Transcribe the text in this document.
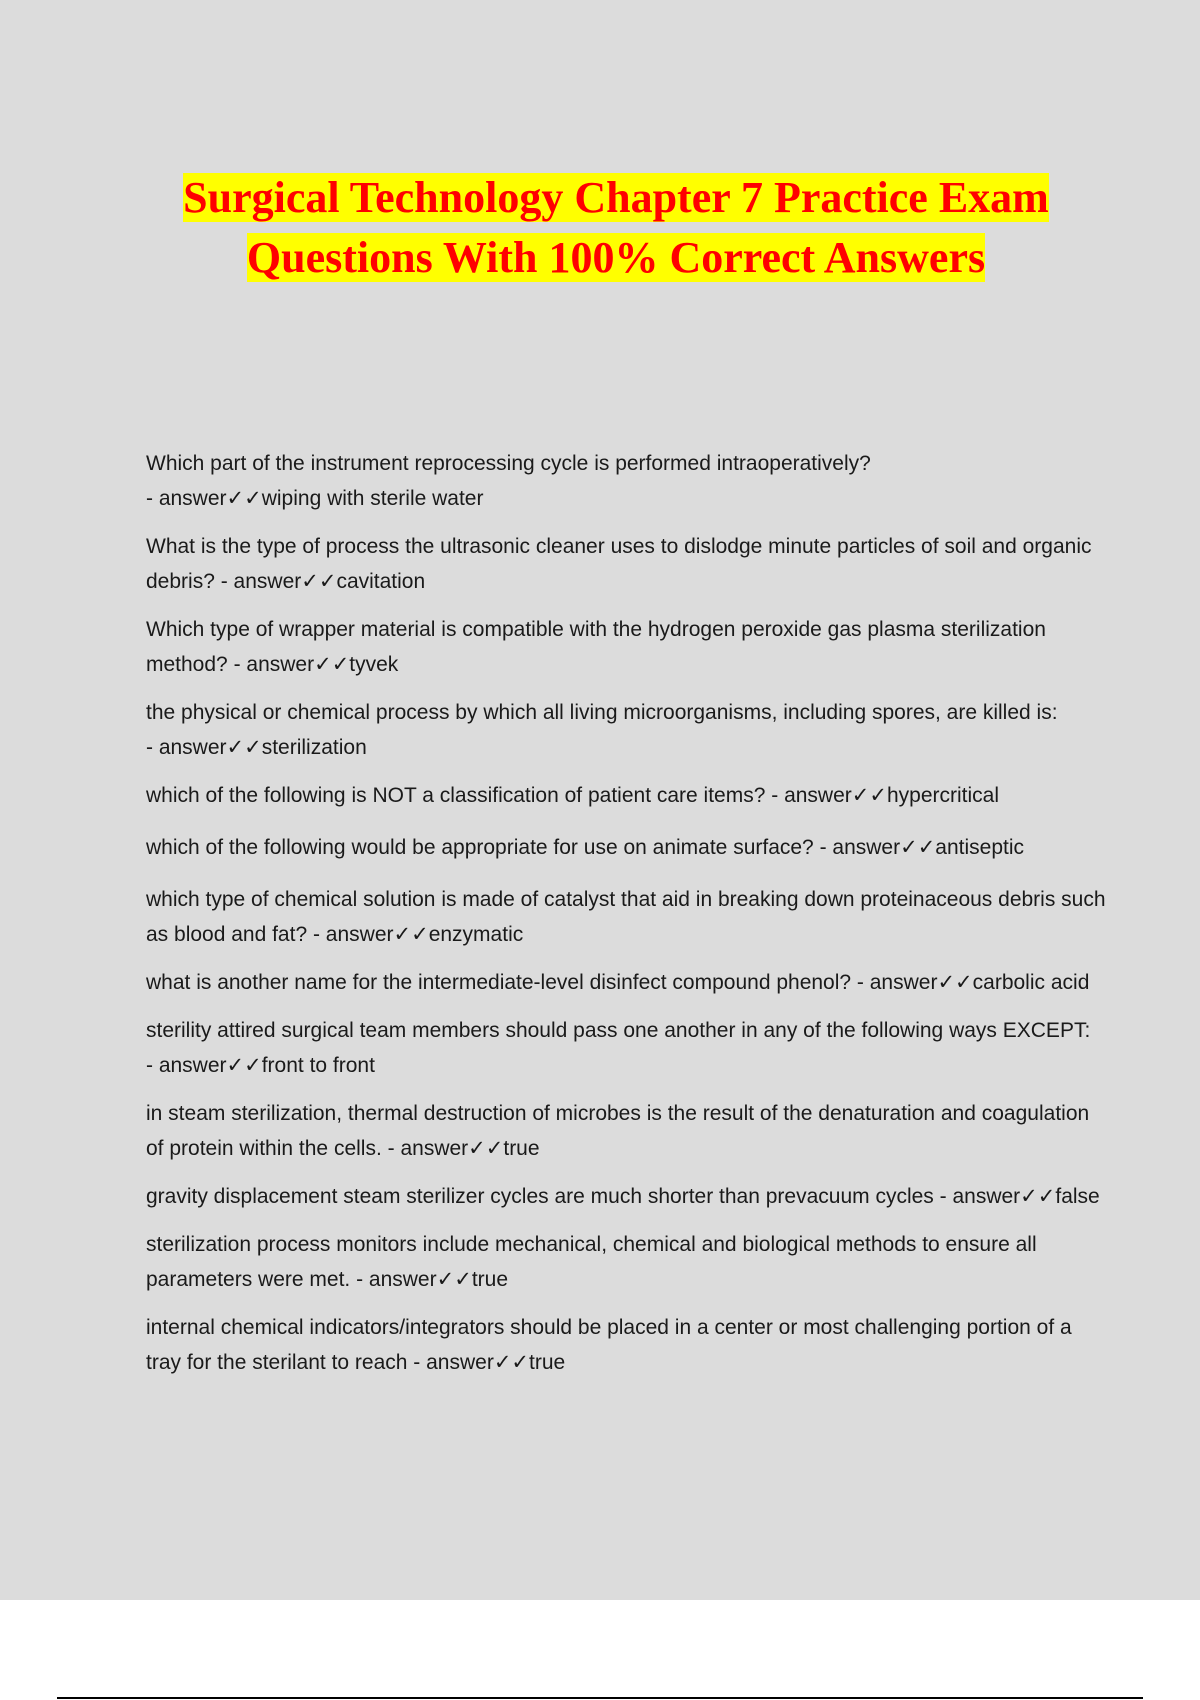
Surgical Technology Chapter 7 Practice Exam Questions With 100% Correct Answers

Which part of the instrument reprocessing cycle is performed intraoperatively? - answer✓✓wiping with sterile water

What is the type of process the ultrasonic cleaner uses to dislodge minute particles of soil and organic debris? - answer✓✓cavitation

Which type of wrapper material is compatible with the hydrogen peroxide gas plasma sterilization method? - answer✓✓tyvek

the physical or chemical process by which all living microorganisms, including spores, are killed is: - answer✓✓sterilization

which of the following is NOT a classification of patient care items? - answer✓✓hypercritical

which of the following would be appropriate for use on animate surface? - answer✓✓antiseptic

which type of chemical solution is made of catalyst that aid in breaking down proteinaceous debris such as blood and fat? - answer✓✓enzymatic

what is another name for the intermediate-level disinfect compound phenol? - answer✓✓carbolic acid

sterility attired surgical team members should pass one another in any of the following ways EXCEPT: - answer✓✓front to front

in steam sterilization, thermal destruction of microbes is the result of the denaturation and coagulation of protein within the cells. - answer✓✓true

gravity displacement steam sterilizer cycles are much shorter than prevacuum cycles - answer✓✓false

sterilization process monitors include mechanical, chemical and biological methods to ensure all parameters were met. - answer✓✓true

internal chemical indicators/integrators should be placed in a center or most challenging portion of a tray for the sterilant to reach - answer✓✓true
